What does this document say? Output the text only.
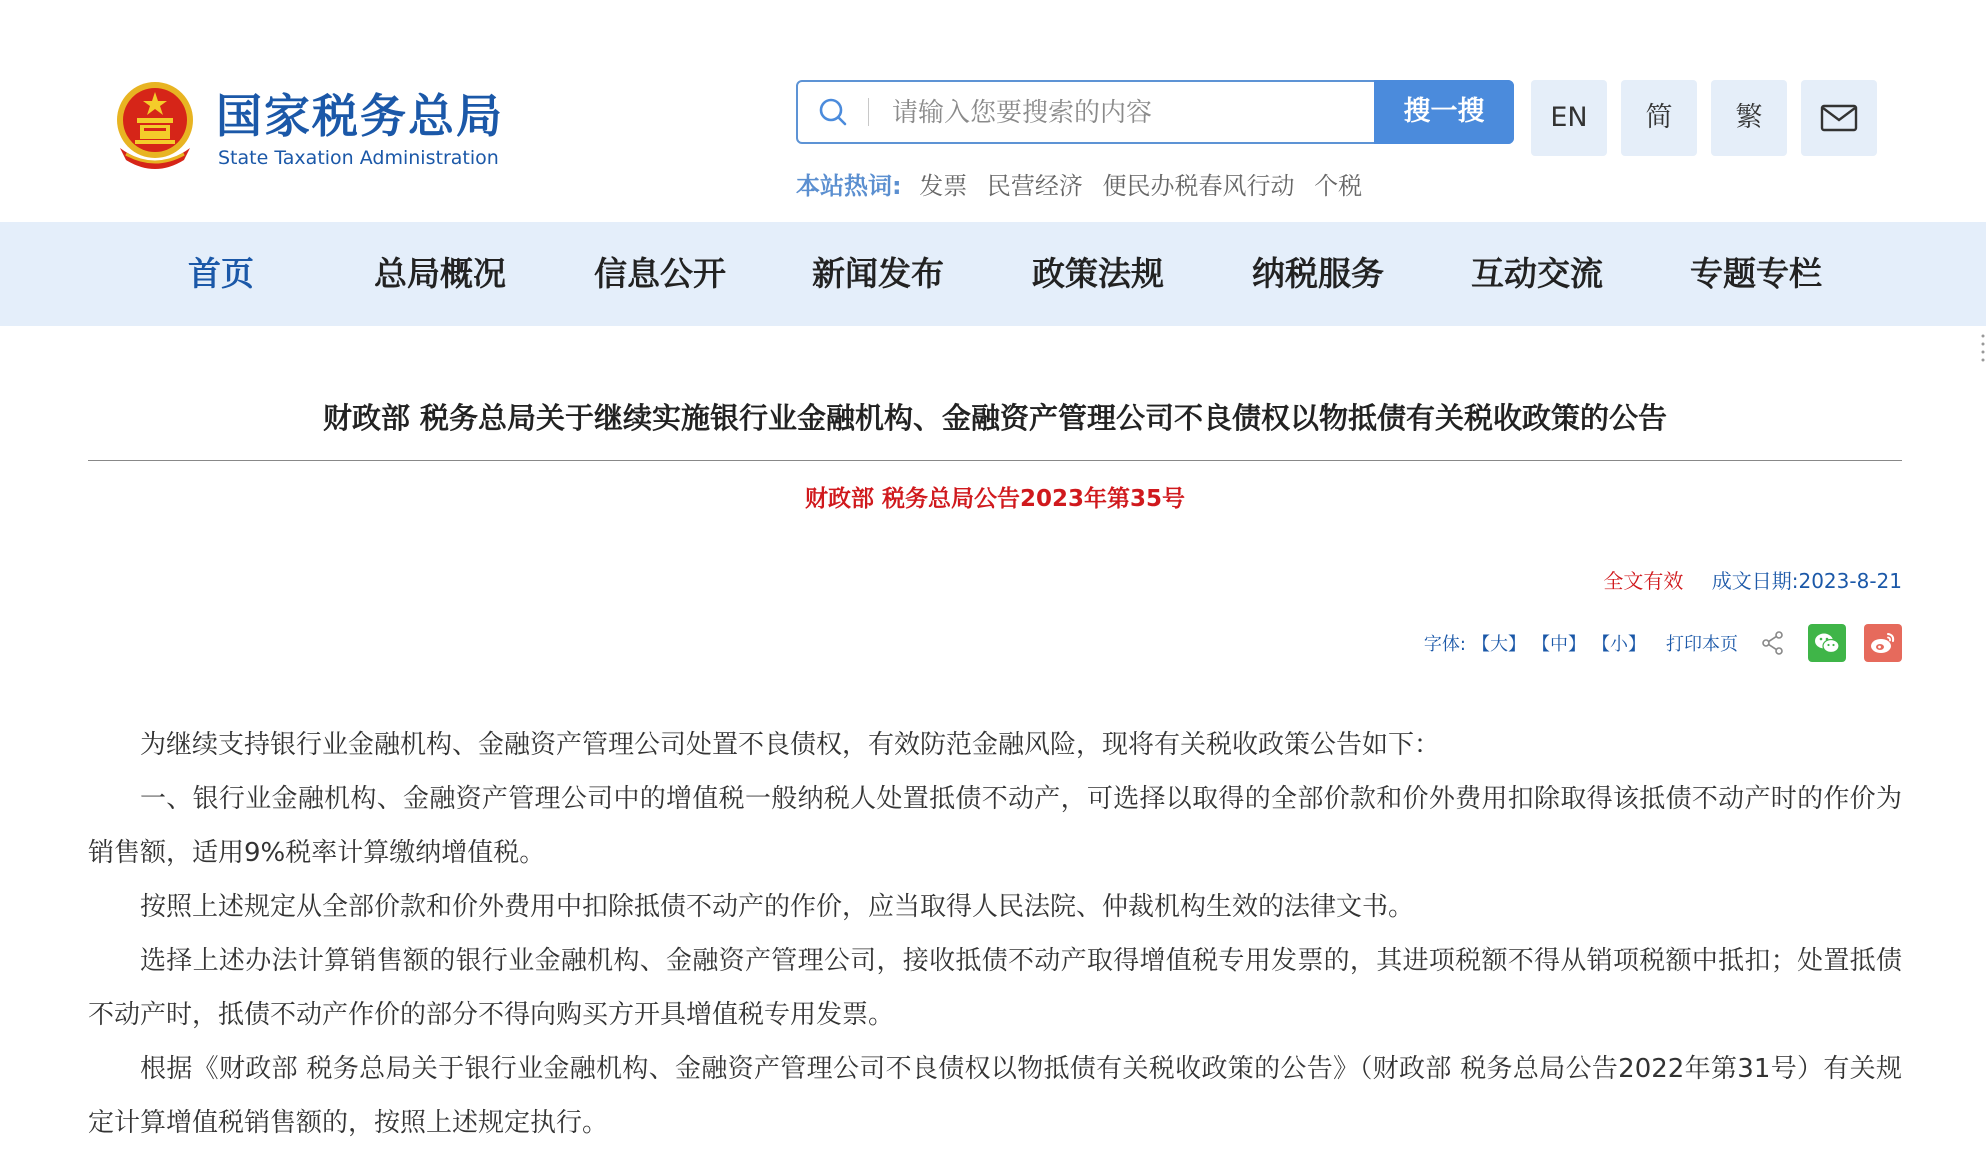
国家税务总局
State Taxation Administration
请输入您要搜索的内容
搜一搜	EN	简	繁
本站热词: 发票 民营经济 便民办税春风行动 个税
首页	总局概况	信息公开	新闻发布	政策法规	纳税服务	互动交流	专题专栏
财政部 税务总局关于继续实施银行业金融机构、金融资产管理公司不良债权以物抵债有关税收政策的公告
财政部 税务总局公告2023年第35号
全文有效 成文日期:2023-8-21
字体: 【大】 【中】 【小】 打印本页

为继续支持银行业金融机构、金融资产管理公司处置不良债权，有效防范金融风险，现将有关税收政策公告如下：

一、银行业金融机构、金融资产管理公司中的增值税一般纳税人处置抵债不动产，可选择以取得的全部价款和价外费用扣除取得该抵债不动产时的作价为销售额，适用9%税率计算缴纳增值税。

按照上述规定从全部价款和价外费用中扣除抵债不动产的作价，应当取得人民法院、仲裁机构生效的法律文书。

选择上述办法计算销售额的银行业金融机构、金融资产管理公司，接收抵债不动产取得增值税专用发票的，其进项税额不得从销项税额中抵扣；处置抵债不动产时，抵债不动产作价的部分不得向购买方开具增值税专用发票。

根据《财政部 税务总局关于银行业金融机构、金融资产管理公司不良债权以物抵债有关税收政策的公告》（财政部 税务总局公告2022年第31号）有关规定计算增值税销售额的，按照上述规定执行。
